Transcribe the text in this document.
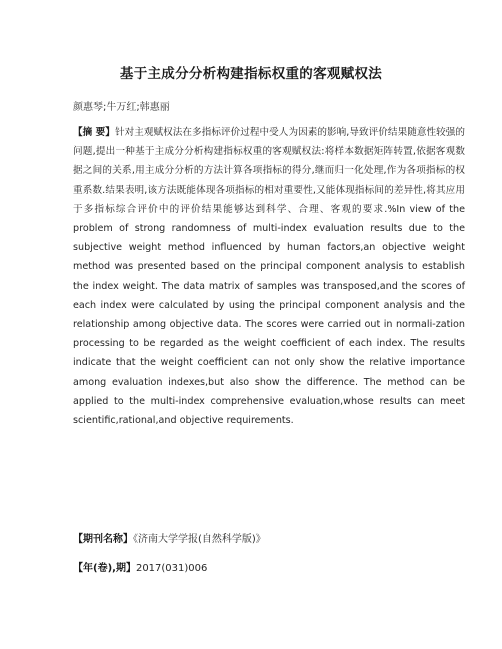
基于主成分分析构建指标权重的客观赋权法
颜惠琴;牛万红;韩惠丽
【摘 要】针对主观赋权法在多指标评价过程中受人为因素的影响,导致评价结果随意性较强的问题,提出一种基于主成分分析构建指标权重的客观赋权法:将样本数据矩阵转置,依据客观数据之间的关系,用主成分分析的方法计算各项指标的得分,继而归一化处理,作为各项指标的权重系数.结果表明,该方法既能体现各项指标的相对重要性,又能体现指标间的差异性,将其应用于多指标综合评价中的评价结果能够达到科学、合理、客观的要求.%In view of the problem of strong randomness of multi-index evaluation results due to the subjective weight method influenced by human factors,an objective weight method was presented based on the principal component analysis to establish the index weight. The data matrix of samples was transposed,and the scores of each index were calculated by using the principal component analysis and the relationship among objective data. The scores were carried out in normali-zation processing to be regarded as the weight coefficient of each index. The results indicate that the weight coefficient can not only show the relative importance among evaluation indexes,but also show the difference. The method can be applied to the multi-index comprehensive evaluation,whose results can meet scientific,rational,and objective requirements.
【期刊名称】《济南大学学报(自然科学版)》
【年(卷),期】2017(031)006
